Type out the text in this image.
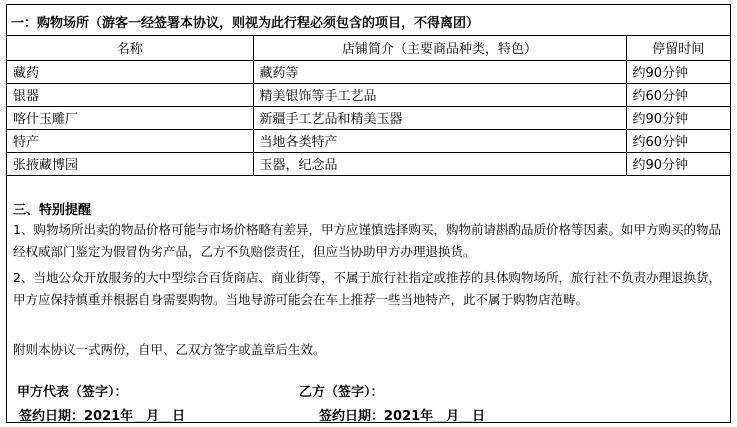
一：购物场所（游客一经签署本协议，则视为此行程必须包含的项目，不得离团）
名称	店铺简介（主要商品种类，特色）	停留时间
藏药	藏药等	约90分钟
银器	精美银饰等手工艺品	约60分钟
喀什玉雕厂	新疆手工艺品和精美玉器	约90分钟
特产	当地各类特产	约60分钟
张掖藏博园	玉器，纪念品	约90分钟
三、特别提醒

1、购物场所出卖的物品价格可能与市场价格略有差异，甲方应谨慎选择购买，购物前请斟酌品质价格等因素。如甲方购买的物品经权威部门鉴定为假冒伪劣产品，乙方不负赔偿责任，但应当协助甲方办理退换货。

2、当地公众开放服务的大中型综合百货商店、商业街等，不属于旅行社指定或推荐的具体购物场所，旅行社不负责办理退换货，甲方应保持慎重并根据自身需要购物。当地导游可能会在车上推荐一些当地特产，此不属于购物店范畴。

附则本协议一式两份，自甲、乙双方签字或盖章后生效。

甲方代表（签字）：	乙方（签字）：
签约日期：2021年__月__日	签约日期：2021年__月__日
